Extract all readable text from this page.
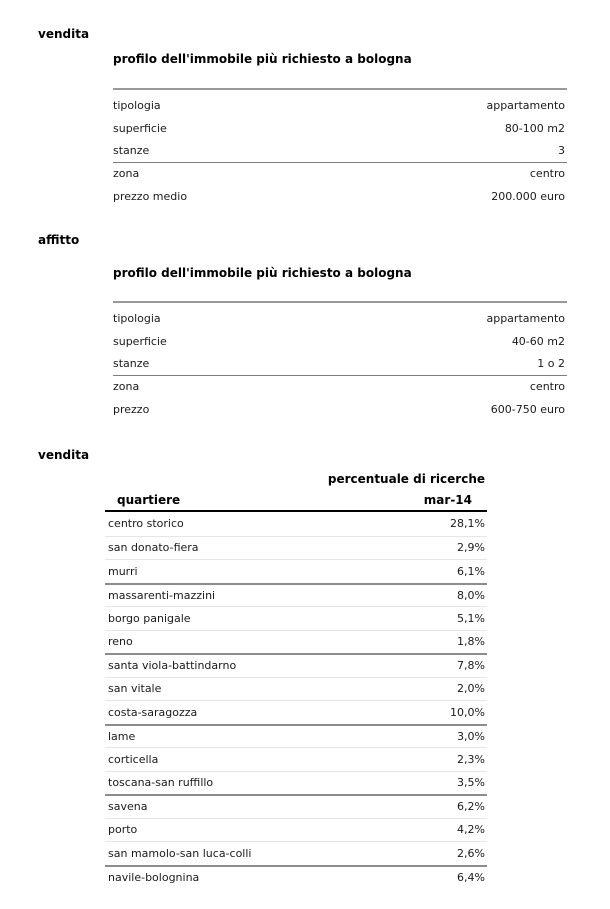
vendita
profilo dell'immobile più richiesto a bologna
tipologia	appartamento
superficie	80-100 m2
stanze	3
zona	centro
prezzo medio	200.000 euro
affitto
profilo dell'immobile più richiesto a bologna
tipologia	appartamento
superficie	40-60 m2
stanze	1 o 2
zona	centro
prezzo	600-750 euro
vendita
percentuale di ricerche
quartiere	mar-14
centro storico	28,1%
san donato-fiera	2,9%
murri	6,1%
massarenti-mazzini	8,0%
borgo panigale	5,1%
reno	1,8%
santa viola-battindarno	7,8%
san vitale	2,0%
costa-saragozza	10,0%
lame	3,0%
corticella	2,3%
toscana-san ruffillo	3,5%
savena	6,2%
porto	4,2%
san mamolo-san luca-colli	2,6%
navile-bolognina	6,4%
